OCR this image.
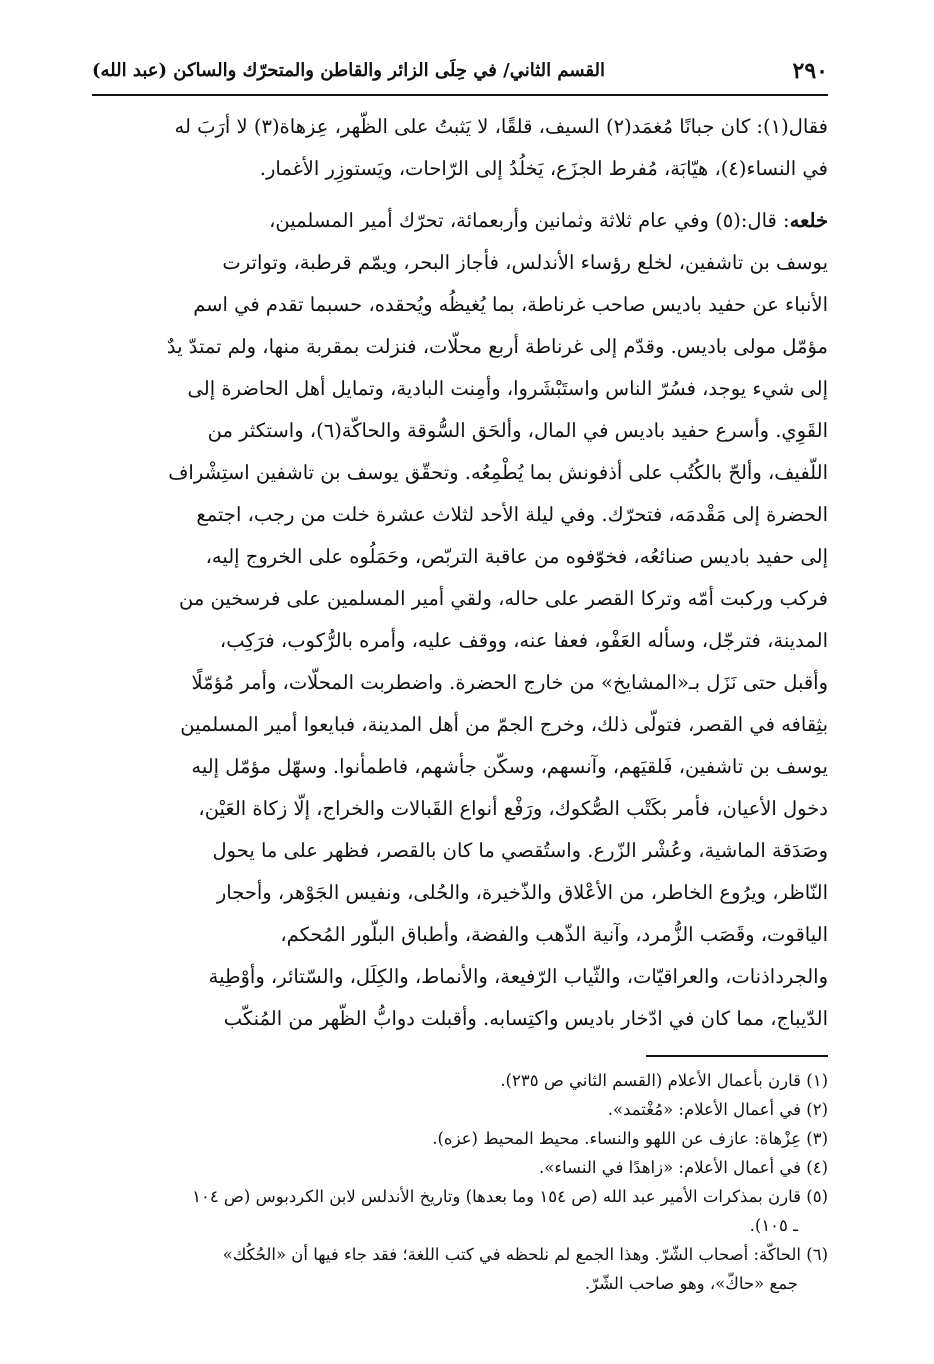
٢٩٠
القسم الثاني/ في حِلَى الزائر والقاطن والمتحرّك والساكن (عبد الله)
فقال(١): كان جبانًا مُغمَد(٢) السيف، قلقًا، لا يَثبتُ على الظّهر، عِزهاة(٣) لا أرَبَ له
في النساء(٤)، هيّابَة، مُفرط الجزَع، يَخلُدُ إلى الرّاحات، ويَستوزِر الأغمار.
خلعه: قال:(٥) وفي عام ثلاثة وثمانين وأربعمائة، تحرّك أمير المسلمين،
يوسف بن تاشفين، لخلع رؤساء الأندلس، فأجاز البحر، ويمّم قرطبة، وتواترت
الأنباء عن حفيد باديس صاحب غرناطة، بما يُغيظُه ويُحقده، حسبما تقدم في اسم
مؤمّل مولى باديس. وقدّم إلى غرناطة أربع محلّات، فنزلت بمقربة منها، ولم تمتدّ يدٌ
إلى شيء يوجد، فسُرّ الناس واستَبْشَروا، وأمِنت البادية، وتمايل أهل الحاضرة إلى
القَوِي. وأسرع حفيد باديس في المال، وألحَق السُّوقة والحاكّة(٦)، واستكثر من
اللّفيف، وألحّ بالكُتُب على أذفونش بما يُطْمِعُه. وتحقّق يوسف بن تاشفين استِشْراف
الحضرة إلى مَقْدمَه، فتحرّك. وفي ليلة الأحد لثلاث عشرة خلت من رجب، اجتمع
إلى حفيد باديس صنائعُه، فخوّفوه من عاقبة التربّص، وحَمَلُوه على الخروج إليه،
فركب وركبت أمّه وتركا القصر على حاله، ولقي أمير المسلمين على فرسخين من
المدينة، فترجّل، وسأله العَفْو، فعفا عنه، ووقف عليه، وأمره بالرُّكوب، فرَكِب،
وأقبل حتى نَزَل بـ«المشايخ» من خارج الحضرة. واضطربت المحلّات، وأمر مُؤمّلًا
بثِقافه في القصر، فتولّى ذلك، وخرج الجمّ من أهل المدينة، فبايعوا أمير المسلمين
يوسف بن تاشفين، فَلقيَهم، وآنسهم، وسكّن جأشهم، فاطمأنوا. وسهّل مؤمّل إليه
دخول الأعيان، فأمر بكَتْب الصُّكوك، ورَفْع أنواع القَبالات والخراج، إلّا زكاة العَيْن،
وصَدَقة الماشية، وعُشْر الزّرع. واستُقصي ما كان بالقصر، فظهر على ما يحول
النّاظر، ويرُوع الخاطر، من الأعْلاق والذّخيرة، والحُلى، ونفيس الجَوْهر، وأحجار
الياقوت، وقَصَب الزُّمرد، وآنية الذّهب والفضة، وأطباق البلّور المُحكم،
والجرداذنات، والعراقيّات، والثّياب الرّفيعة، والأنماط، والكِلَل، والسّتائر، وأوْطِية
الدّيباج، مما كان في ادّخار باديس واكتِسابه. وأقبلت دوابُّ الظّهر من المُنكّب
(١) قارن بأعمال الأعلام (القسم الثاني ص ٢٣٥).
(٢) في أعمال الأعلام: «مُغْتمد».
(٣) عِزْهاة: عازف عن اللهو والنساء. محيط المحيط (عزه).
(٤) في أعمال الأعلام: «زاهدًا في النساء».
(٥) قارن بمذكرات الأمير عبد الله (ص ١٥٤ وما بعدها) وتاريخ الأندلس لابن الكردبوس (ص ١٠٤
ـ ١٠٥).
(٦) الحاكّة: أصحاب الشّرّ. وهذا الجمع لم نلحظه في كتب اللغة؛ فقد جاء فيها أن «الحُكُك»
جمع «حاكّ»، وهو صاحب الشّرّ.
